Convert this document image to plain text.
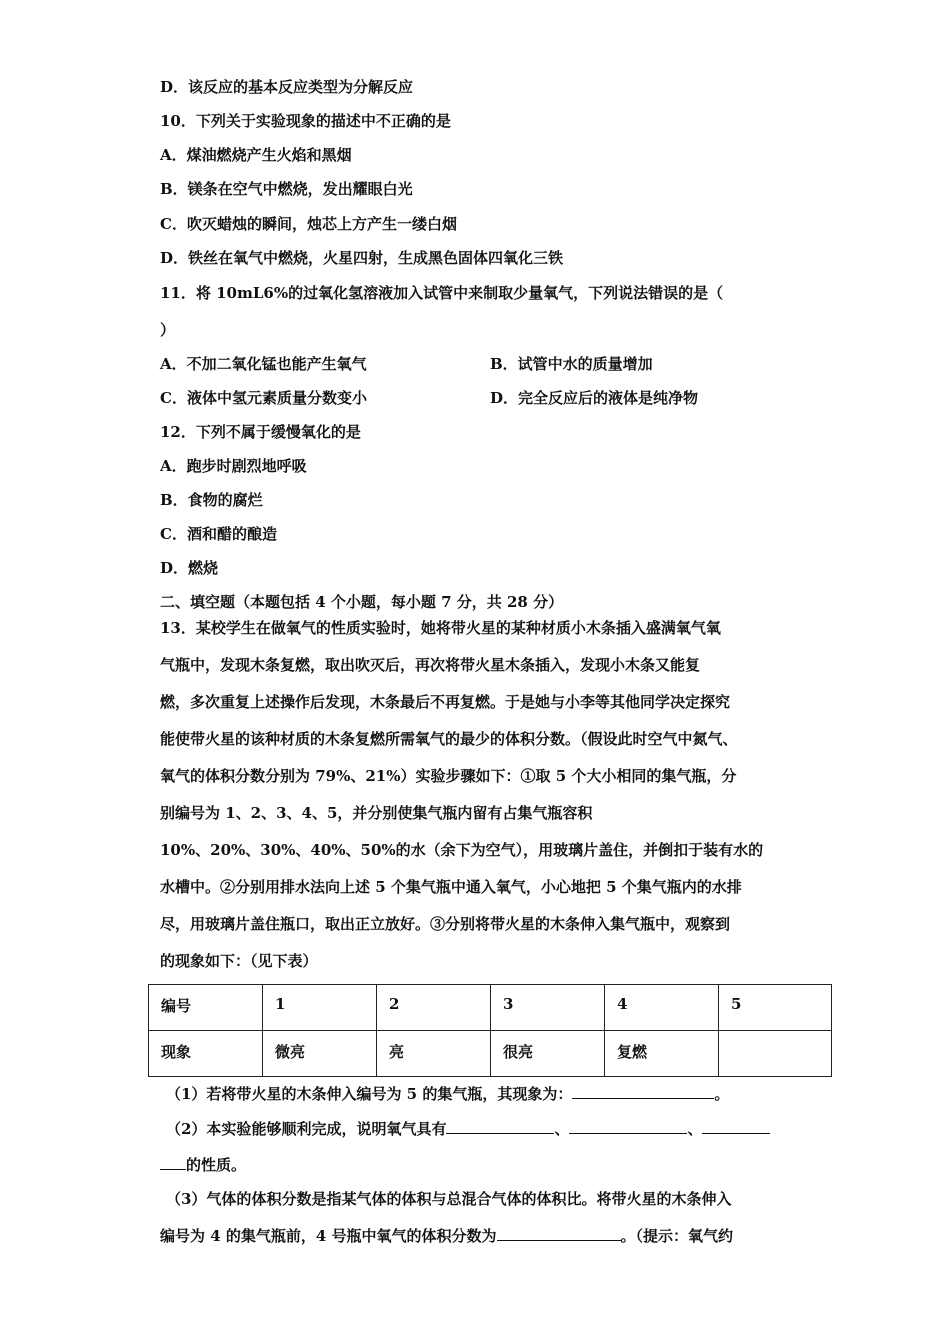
D．该反应的基本反应类型为分解反应
10．下列关于实验现象的描述中不正确的是
A．煤油燃烧产生火焰和黑烟
B．镁条在空气中燃烧，发出耀眼白光
C．吹灭蜡烛的瞬间，烛芯上方产生一缕白烟
D．铁丝在氧气中燃烧，火星四射，生成黑色固体四氧化三铁
11．将 10mL6%的过氧化氢溶液加入试管中来制取少量氧气，下列说法错误的是（
）
A．不加二氧化锰也能产生氧气	B．试管中水的质量增加
C．液体中氢元素质量分数变小	D．完全反应后的液体是纯净物
12．下列不属于缓慢氧化的是
A．跑步时剧烈地呼吸
B．食物的腐烂
C．酒和醋的酿造
D．燃烧
二、填空题（本题包括 4 个小题，每小题 7 分，共 28 分）
13．某校学生在做氧气的性质实验时，她将带火星的某种材质小木条插入盛满氧气氧
气瓶中，发现木条复燃，取出吹灭后，再次将带火星木条插入，发现小木条又能复
燃，多次重复上述操作后发现，木条最后不再复燃。于是她与小李等其他同学决定探究
能使带火星的该种材质的木条复燃所需氧气的最少的体积分数。（假设此时空气中氮气、
氧气的体积分数分别为 79%、21%）实验步骤如下：①取 5 个大小相同的集气瓶，分
别编号为 1、2、3、4、5，并分别使集气瓶内留有占集气瓶容积
10%、20%、30%、40%、50%的水（余下为空气），用玻璃片盖住，并倒扣于装有水的
水槽中。②分别用排水法向上述 5 个集气瓶中通入氧气，小心地把 5 个集气瓶内的水排
尽，用玻璃片盖住瓶口，取出正立放好。③分别将带火星的木条伸入集气瓶中，观察到
的现象如下：（见下表）
编号	1	2	3	4	5
现象	微亮	亮	很亮	复燃	
（1）若将带火星的木条伸入编号为 5 的集气瓶，其现象为：	。
（2）本实验能够顺利完成，说明氧气具有	、	、
的性质。
（3）气体的体积分数是指某气体的体积与总混合气体的体积比。将带火星的木条伸入
编号为 4 的集气瓶前，4 号瓶中氧气的体积分数为	。（提示：氧气约
